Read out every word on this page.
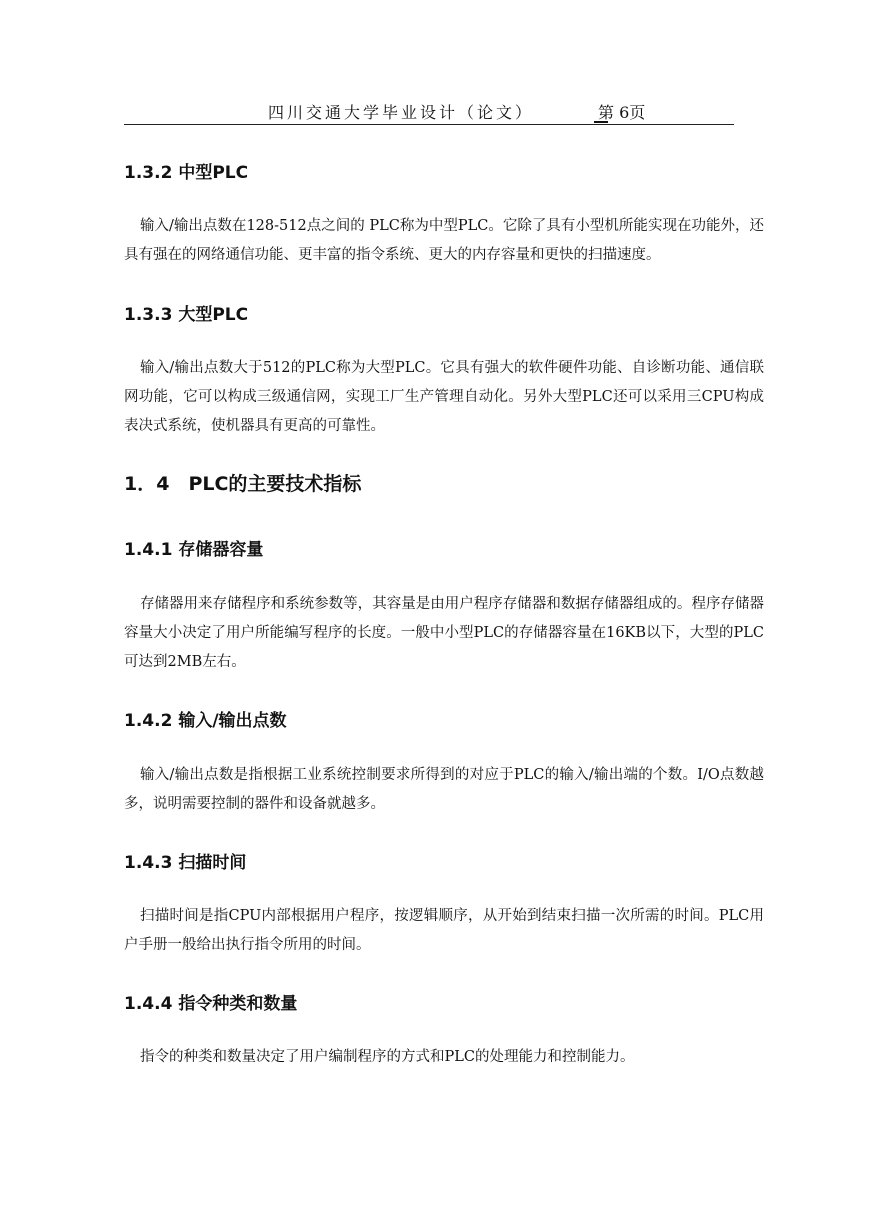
四川交通大学毕业设计（论文）	第 6页
1.3.2 中型PLC

输入/输出点数在128-512点之间的 PLC称为中型PLC。它除了具有小型机所能实现在功能外，还具有强在的网络通信功能、更丰富的指令系统、更大的内存容量和更快的扫描速度。

1.3.3 大型PLC

输入/输出点数大于512的PLC称为大型PLC。它具有强大的软件硬件功能、自诊断功能、通信联网功能，它可以构成三级通信网，实现工厂生产管理自动化。另外大型PLC还可以采用三CPU构成表决式系统，使机器具有更高的可靠性。

1．4　PLC的主要技术指标
1.4.1 存储器容量

存储器用来存储程序和系统参数等，其容量是由用户程序存储器和数据存储器组成的。程序存储器容量大小决定了用户所能编写程序的长度。一般中小型PLC的存储器容量在16KB以下，大型的PLC可达到2MB左右。

1.4.2 输入/输出点数

输入/输出点数是指根据工业系统控制要求所得到的对应于PLC的输入/输出端的个数。I/O点数越多，说明需要控制的器件和设备就越多。

1.4.3 扫描时间

扫描时间是指CPU内部根据用户程序，按逻辑顺序，从开始到结束扫描一次所需的时间。PLC用户手册一般给出执行指令所用的时间。

1.4.4 指令种类和数量

指令的种类和数量决定了用户编制程序的方式和PLC的处理能力和控制能力。
